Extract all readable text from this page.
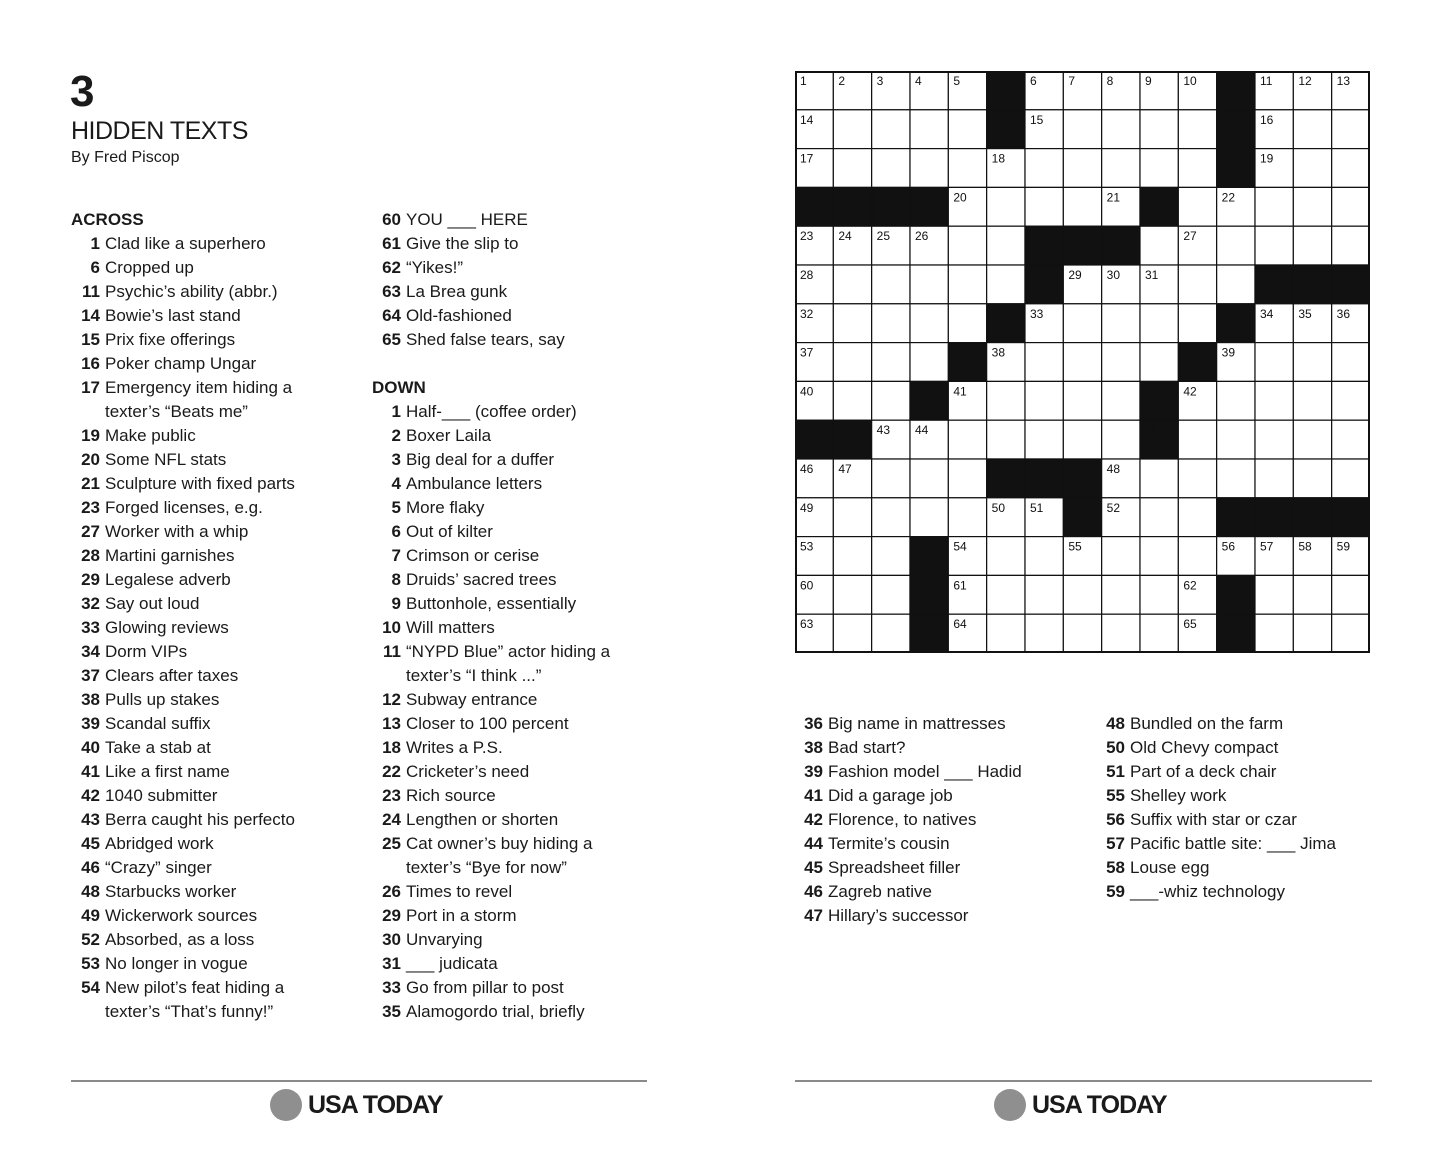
3
HIDDEN TEXTS
By Fred Piscop
ACROSS
1 Clad like a superhero
6 Cropped up
11 Psychic’s ability (abbr.)
14 Bowie’s last stand
15 Prix fixe offerings
16 Poker champ Ungar
17 Emergency item hiding a
texter’s “Beats me”
19 Make public
20 Some NFL stats
21 Sculpture with fixed parts
23 Forged licenses, e.g.
27 Worker with a whip
28 Martini garnishes
29 Legalese adverb
32 Say out loud
33 Glowing reviews
34 Dorm VIPs
37 Clears after taxes
38 Pulls up stakes
39 Scandal suffix
40 Take a stab at
41 Like a first name
42 1040 submitter
43 Berra caught his perfecto
45 Abridged work
46 “Crazy” singer
48 Starbucks worker
49 Wickerwork sources
52 Absorbed, as a loss
53 No longer in vogue
54 New pilot’s feat hiding a
texter’s “That’s funny!”
60 YOU ___ HERE
61 Give the slip to
62 “Yikes!”
63 La Brea gunk
64 Old-fashioned
65 Shed false tears, say
DOWN
1 Half-___ (coffee order)
2 Boxer Laila
3 Big deal for a duffer
4 Ambulance letters
5 More flaky
6 Out of kilter
7 Crimson or cerise
8 Druids’ sacred trees
9 Buttonhole, essentially
10 Will matters
11 “NYPD Blue” actor hiding a
texter’s “I think ...”
12 Subway entrance
13 Closer to 100 percent
18 Writes a P.S.
22 Cricketer’s need
23 Rich source
24 Lengthen or shorten
25 Cat owner’s buy hiding a
texter’s “Bye for now”
26 Times to revel
29 Port in a storm
30 Unvarying
31 ___ judicata
33 Go from pillar to post
35 Alamogordo trial, briefly
36 Big name in mattresses
38 Bad start?
39 Fashion model ___ Hadid
41 Did a garage job
42 Florence, to natives
44 Termite’s cousin
45 Spreadsheet filler
46 Zagreb native
47 Hillary’s successor
48 Bundled on the farm
50 Old Chevy compact
51 Part of a deck chair
55 Shelley work
56 Suffix with star or czar
57 Pacific battle site: ___ Jima
58 Louse egg
59 ___-whiz technology
1	2	3	4	5	6	7	8	9	10	11 12 13
14	15	16
17	18	19
20	21	22
23 24 25 26	27
28	29 30 31
32	33	34 35 36
37	38	39
40	41	42
43 44	45
46 47	48
49	50 51	52
53	54	55	56 57 58 59
60	61	62
63	64	65
USA TODAY	USA TODAY
